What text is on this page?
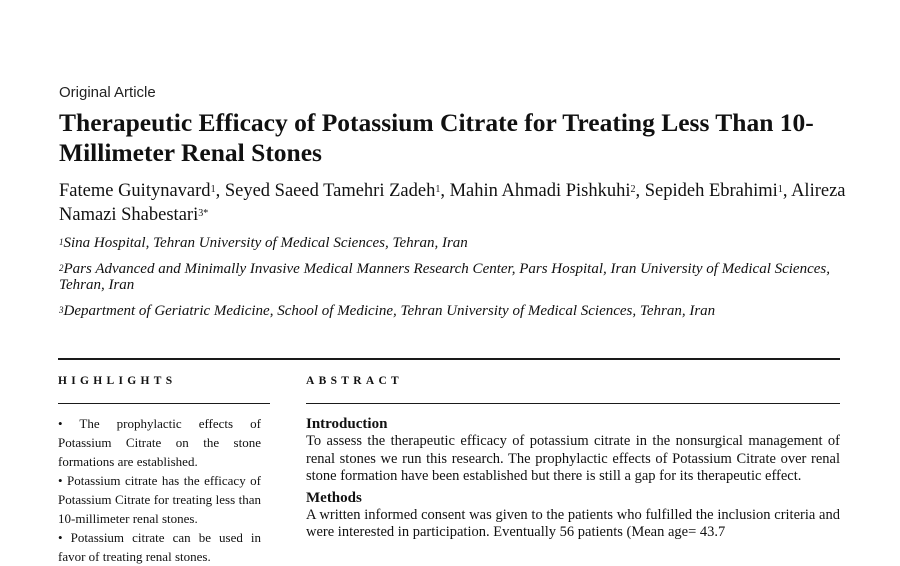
Original Article
Therapeutic Efficacy of Potassium Citrate for Treating Less Than 10-Millimeter Renal Stones
Fateme Guitynavard$^1$, Seyed Saeed Tamehri Zadeh$^1$, Mahin Ahmadi Pishkuhi$^2$, Sepideh Ebrahimi$^1$, Alireza Namazi Shabestari$^{3*}$
$^1$Sina Hospital, Tehran University of Medical Sciences, Tehran, Iran
$^2$Pars Advanced and Minimally Invasive Medical Manners Research Center, Pars Hospital, Iran University of Medical Sciences, Tehran, Iran
$^3$Department of Geriatric Medicine, School of Medicine, Tehran University of Medical Sciences, Tehran, Iran
HIGHLIGHTS	ABSTRACT
• The prophylactic effects of Potassium Citrate on the stone formations are established.
• Potassium citrate has the efficacy of Potassium Citrate for treating less than 10-millimeter renal stones.
• Potassium citrate can be used in favor of treating renal stones.
Introduction

To assess the therapeutic efficacy of potassium citrate in the nonsurgical management of renal stones we run this research. The prophylactic effects of Potassium Citrate over renal stone formation have been established but there is still a gap for its therapeutic effect.

Methods

A written informed consent was given to the patients who fulfilled the inclusion criteria and were interested in participation. Eventually 56 patients (Mean age= 43.7
